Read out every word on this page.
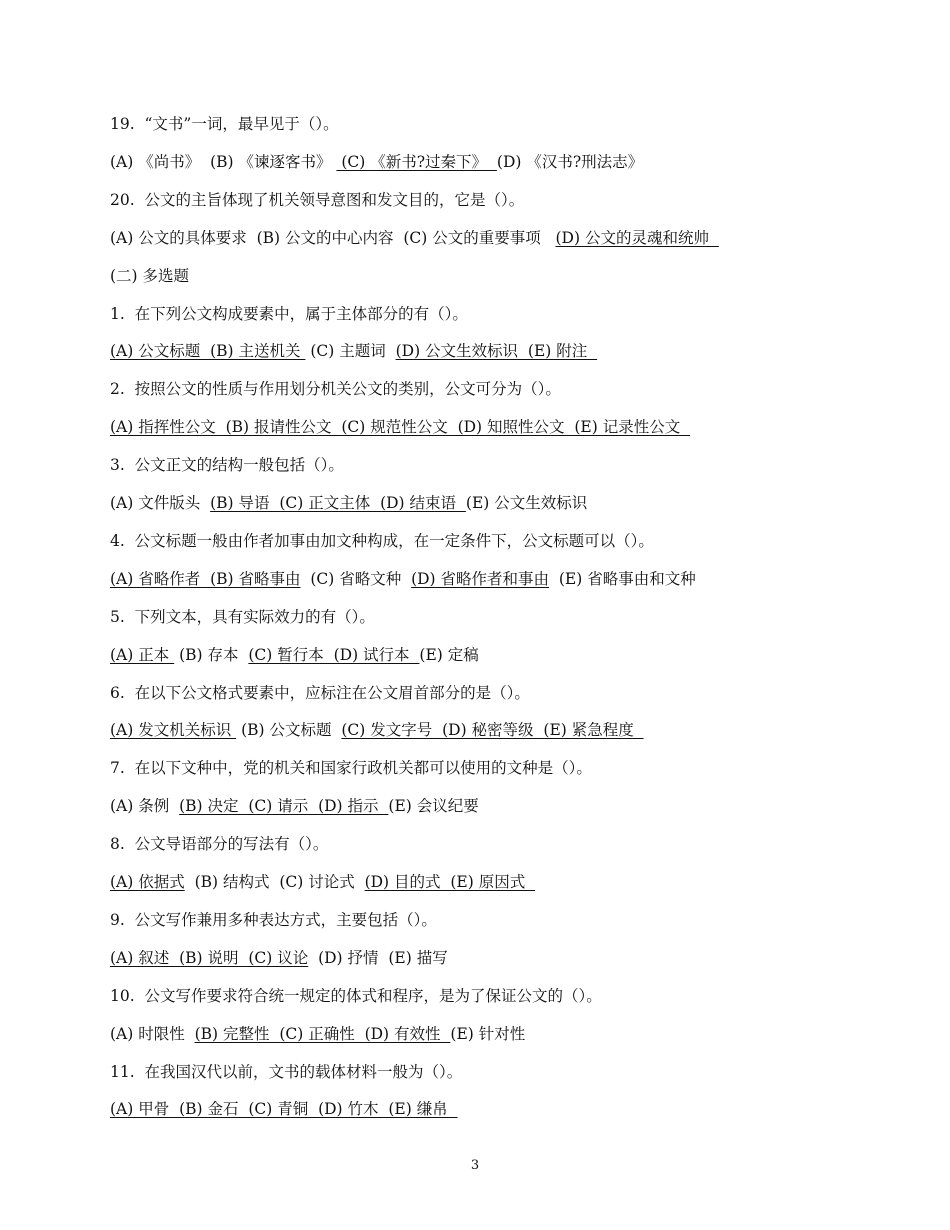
19.  “文书”一词，最早见于（）。
(A) 《尚书》  (B) 《谏逐客书》  (C) 《新书?过秦下》  (D) 《汉书?刑法志》
20.  公文的主旨体现了机关领导意图和发文目的，它是（）。
(A) 公文的具体要求  (B) 公文的中心内容  (C) 公文的重要事项   (D) 公文的灵魂和统帅
(二) 多选题
1.  在下列公文构成要素中，属于主体部分的有（）。
(A) 公文标题  (B) 主送机关  (C) 主题词  (D) 公文生效标识  (E) 附注
2.  按照公文的性质与作用划分机关公文的类别，公文可分为（）。
(A) 指挥性公文  (B) 报请性公文  (C) 规范性公文  (D) 知照性公文  (E) 记录性公文
3.  公文正文的结构一般包括（）。
(A) 文件版头  (B) 导语  (C) 正文主体  (D) 结束语  (E) 公文生效标识
4.  公文标题一般由作者加事由加文种构成，在一定条件下，公文标题可以（）。
(A) 省略作者  (B) 省略事由  (C) 省略文种  (D) 省略作者和事由  (E) 省略事由和文种
5.  下列文本，具有实际效力的有（）。
(A) 正本  (B) 存本  (C) 暂行本  (D) 试行本  (E) 定稿
6.  在以下公文格式要素中，应标注在公文眉首部分的是（）。
(A) 发文机关标识  (B) 公文标题  (C) 发文字号  (D) 秘密等级  (E) 紧急程度
7.  在以下文种中，党的机关和国家行政机关都可以使用的文种是（）。
(A) 条例  (B) 决定  (C) 请示  (D) 指示  (E) 会议纪要
8.  公文导语部分的写法有（）。
(A) 依据式  (B) 结构式  (C) 讨论式  (D) 目的式  (E) 原因式
9.  公文写作兼用多种表达方式，主要包括（）。
(A) 叙述  (B) 说明  (C) 议论  (D) 抒情  (E) 描写
10.  公文写作要求符合统一规定的体式和程序，是为了保证公文的（）。
(A) 时限性  (B) 完整性  (C) 正确性  (D) 有效性  (E) 针对性
11.  在我国汉代以前，文书的载体材料一般为（）。
(A) 甲骨  (B) 金石  (C) 青铜  (D) 竹木  (E) 缣帛
3
